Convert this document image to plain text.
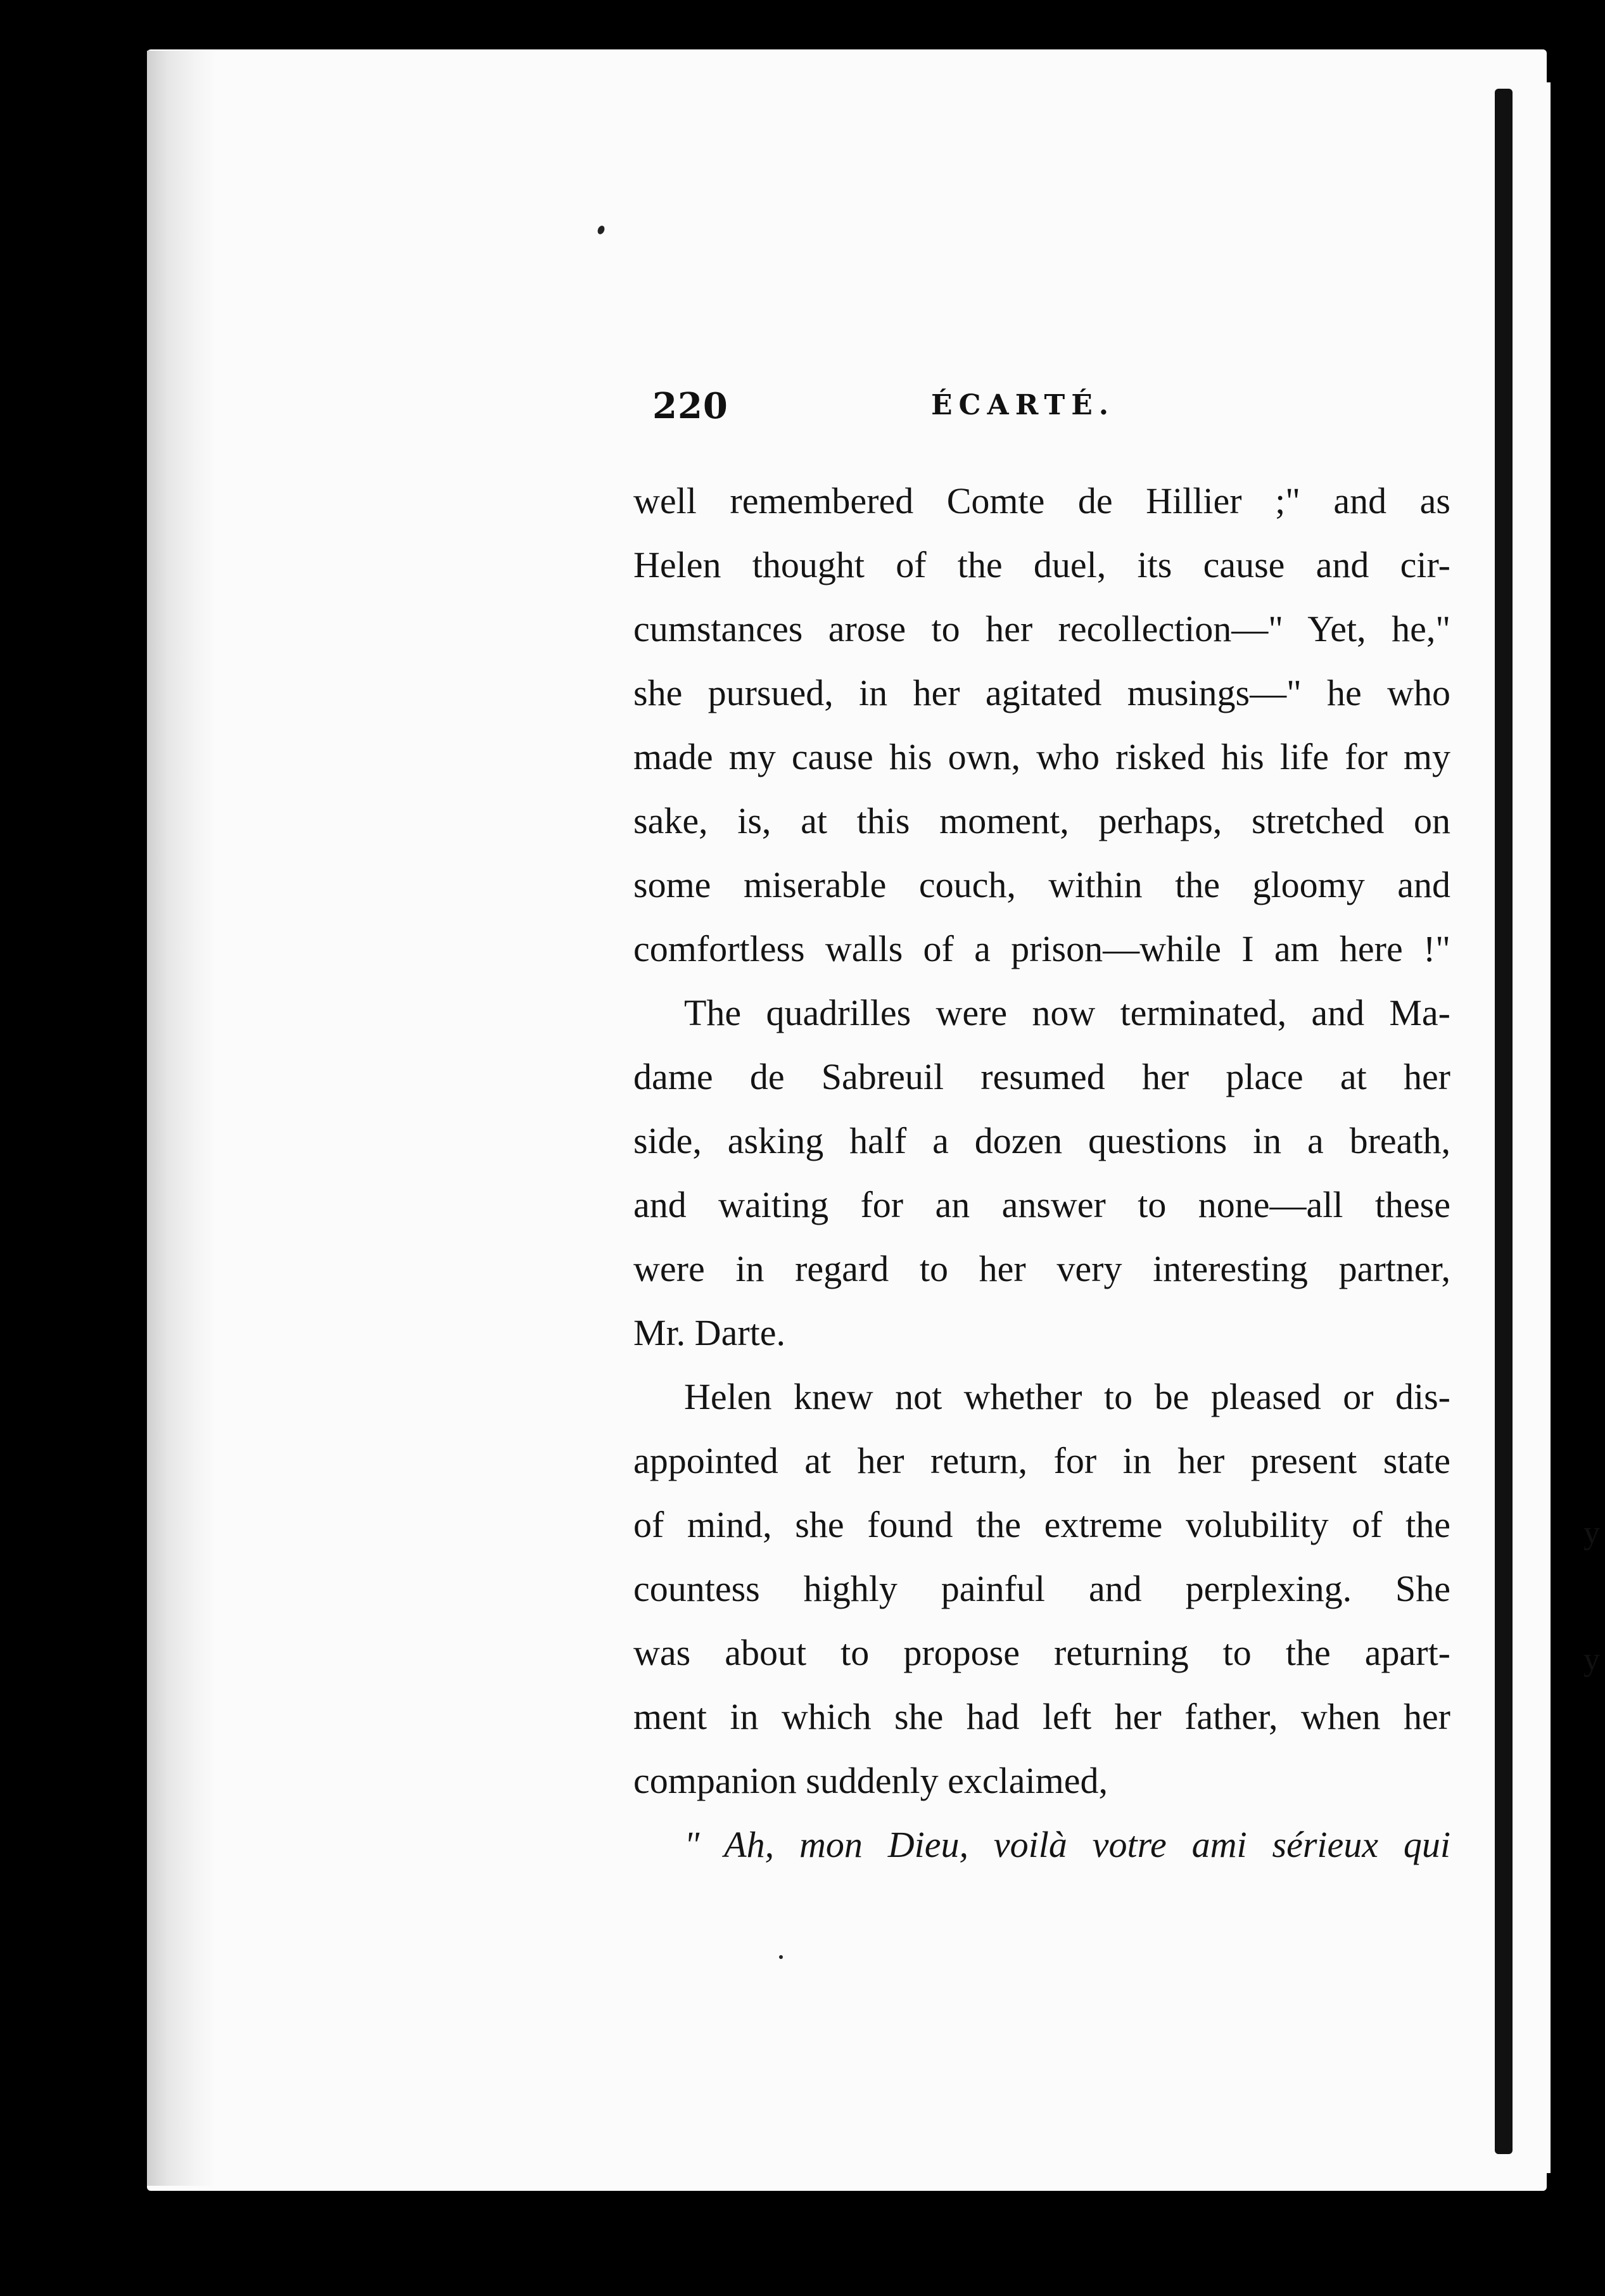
220	ÉCARTÉ.
well remembered Comte de Hillier ;" and as
Helen thought of the duel, its cause and cir-
cumstances arose to her recollection—" Yet, he,"
she pursued, in her agitated musings—" he who
made my cause his own, who risked his life for my
sake, is, at this moment, perhaps, stretched on
some miserable couch, within the gloomy and
comfortless walls of a prison—while I am here !"
The quadrilles were now terminated, and Ma-
dame de Sabreuil resumed her place at her
side, asking half a dozen questions in a breath,
and waiting for an answer to none—all these
were in regard to her very interesting partner,
Mr. Darte.
Helen knew not whether to be pleased or dis-
appointed at her return, for in her present state
of mind, she found the extreme volubility of the
countess highly painful and perplexing. She
was about to propose returning to the apart-
ment in which she had left her father, when her
companion suddenly exclaimed,
" Ah, mon Dieu, voilà votre ami sérieux qui
y
y
